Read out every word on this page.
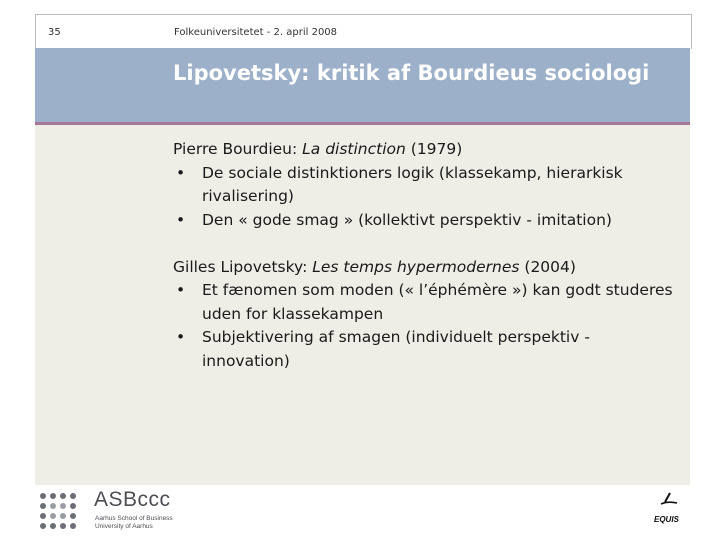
35	Folkeuniversitetet - 2. april 2008
Lipovetsky: kritik af Bourdieus sociologi

Pierre Bourdieu: La distinction (1979)

• De sociale distinktioners logik (klassekamp, hierarkisk rivalisering)
• Den « gode smag » (kollektivt perspektiv - imitation)

Gilles Lipovetsky: Les temps hypermodernes (2004)

• Et fænomen som moden (« l’éphémère ») kan godt studeres uden for klassekampen
• Subjektivering af smagen (individuelt perspektiv - innovation)
ASBccc
Aarhus School of Business
University of Aarhus
EQUIS
